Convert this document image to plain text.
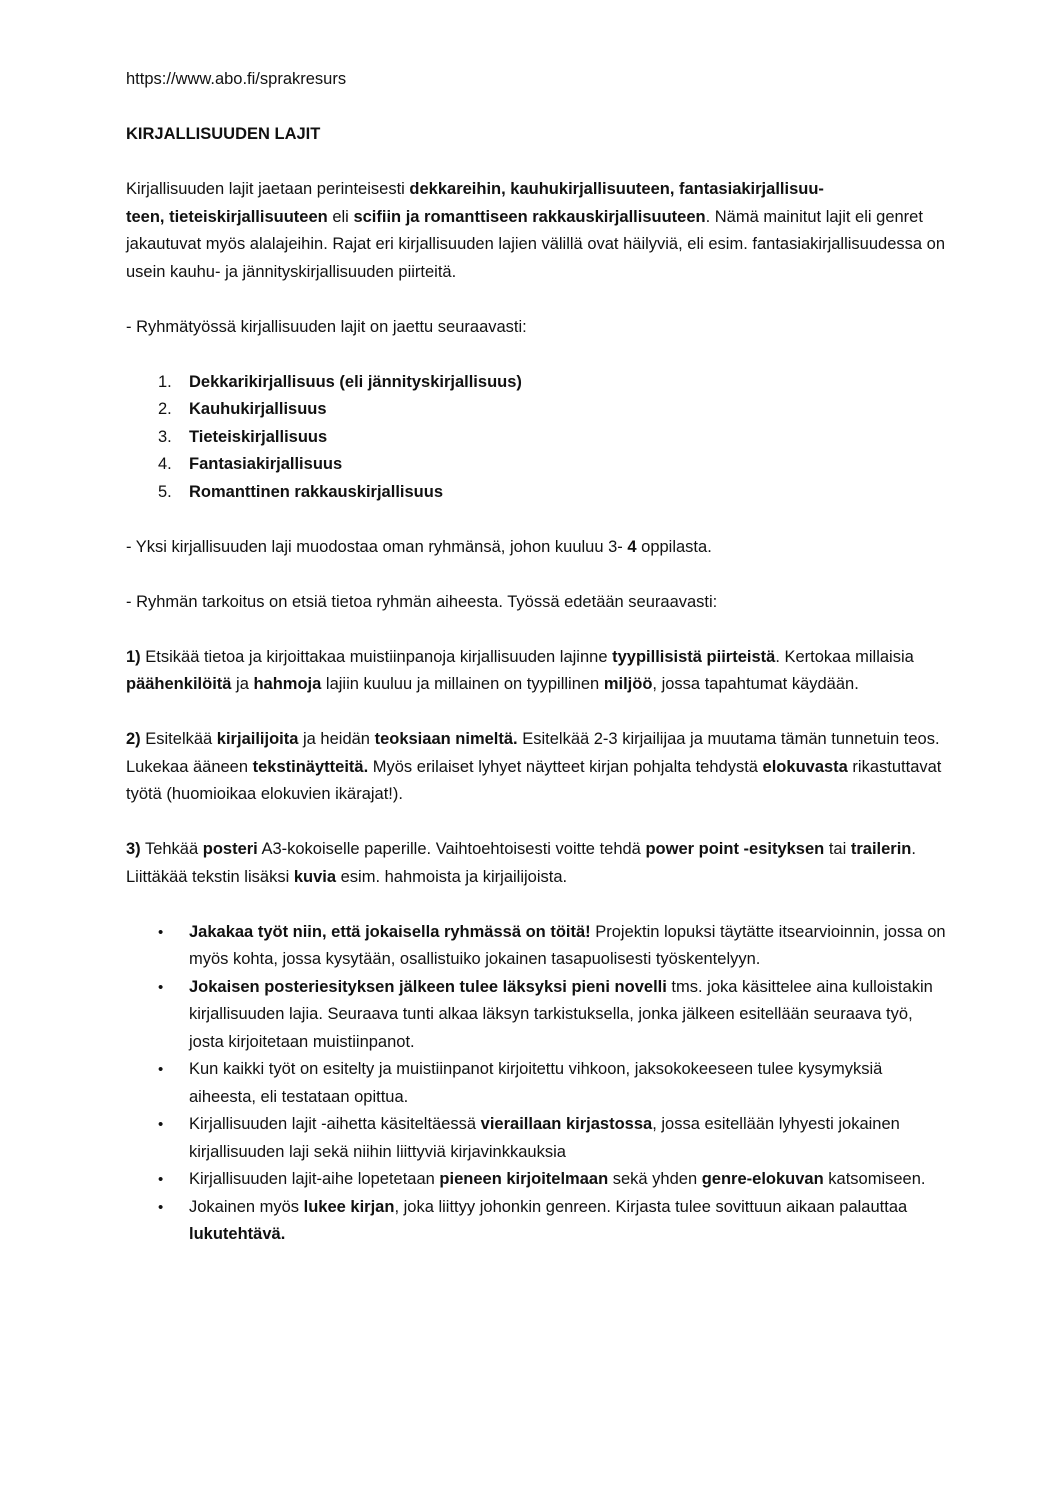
https://www.abo.fi/sprakresurs

KIRJALLISUUDEN LAJIT

Kirjallisuuden lajit jaetaan perinteisesti dekkareihin, kauhukirjallisuuteen, fantasiakirjallisuu-
teen, tieteiskirjallisuuteen eli scifiin ja romanttiseen rakkauskirjallisuuteen. Nämä mainitut lajit eli genret jakautuvat myös alalajeihin. Rajat eri kirjallisuuden lajien välillä ovat häilyviä, eli esim. fantasiakirjallisuudessa on usein kauhu- ja jännityskirjallisuuden piirteitä.

- Ryhmätyössä kirjallisuuden lajit on jaettu seuraavasti:

1. Dekkarikirjallisuus (eli jännityskirjallisuus)
2. Kauhukirjallisuus
3. Tieteiskirjallisuus
4. Fantasiakirjallisuus
5. Romanttinen rakkauskirjallisuus

- Yksi kirjallisuuden laji muodostaa oman ryhmänsä, johon kuuluu 3- 4 oppilasta.

- Ryhmän tarkoitus on etsiä tietoa ryhmän aiheesta. Työssä edetään seuraavasti:

1) Etsikää tietoa ja kirjoittakaa muistiinpanoja kirjallisuuden lajinne tyypillisistä piirteistä. Kertokaa millaisia päähenkilöitä ja hahmoja lajiin kuuluu ja millainen on tyypillinen miljöö, jossa tapahtumat käydään.

2) Esitelkää kirjailijoita ja heidän teoksiaan nimeltä. Esitelkää 2-3 kirjailijaa ja muutama tämän tunnetuin teos. Lukekaa ääneen tekstinäytteitä. Myös erilaiset lyhyet näytteet kirjan pohjalta tehdystä elokuvasta rikastuttavat työtä (huomioikaa elokuvien ikärajat!).

3) Tehkää posteri A3-kokoiselle paperille. Vaihtoehtoisesti voitte tehdä power point -esityksen tai trailerin. Liittäkää tekstin lisäksi kuvia esim. hahmoista ja kirjailijoista.

• Jakakaa työt niin, että jokaisella ryhmässä on töitä! Projektin lopuksi täytätte itsearvioinnin, jossa on myös kohta, jossa kysytään, osallistuiko jokainen tasapuolisesti työskentelyyn.
• Jokaisen posteriesityksen jälkeen tulee läksyksi pieni novelli tms. joka käsittelee aina kulloistakin kirjallisuuden lajia. Seuraava tunti alkaa läksyn tarkistuksella, jonka jälkeen esitellään seuraava työ, josta kirjoitetaan muistiinpanot.
• Kun kaikki työt on esitelty ja muistiinpanot kirjoitettu vihkoon, jaksokokeeseen tulee kysymyksiä aiheesta, eli testataan opittua.
• Kirjallisuuden lajit -aihetta käsiteltäessä vieraillaan kirjastossa, jossa esitellään lyhyesti jokainen kirjallisuuden laji sekä niihin liittyviä kirjavinkkauksia
• Kirjallisuuden lajit-aihe lopetetaan pieneen kirjoitelmaan sekä yhden genre-elokuvan katsomiseen.
• Jokainen myös lukee kirjan, joka liittyy johonkin genreen. Kirjasta tulee sovittuun aikaan palauttaa lukutehtävä.
